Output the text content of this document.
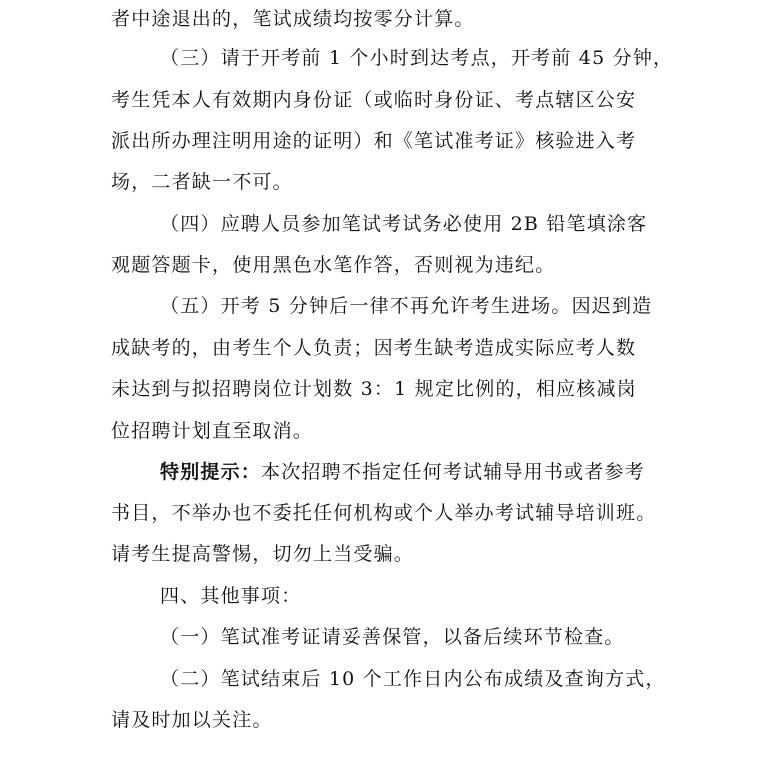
者中途退出的，笔试成绩均按零分计算。
（三）请于开考前 1 个小时到达考点，开考前 45 分钟，
考生凭本人有效期内身份证（或临时身份证、考点辖区公安
派出所办理注明用途的证明）和《笔试准考证》核验进入考
场，二者缺一不可。
（四）应聘人员参加笔试考试务必使用 2B 铅笔填涂客
观题答题卡，使用黑色水笔作答，否则视为违纪。
（五）开考 5 分钟后一律不再允许考生进场。因迟到造
成缺考的，由考生个人负责；因考生缺考造成实际应考人数
未达到与拟招聘岗位计划数 3：1 规定比例的，相应核减岗
位招聘计划直至取消。
特别提示：本次招聘不指定任何考试辅导用书或者参考
书目，不举办也不委托任何机构或个人举办考试辅导培训班。
请考生提高警惕，切勿上当受骗。
四、其他事项：
（一）笔试准考证请妥善保管，以备后续环节检查。
（二）笔试结束后 10 个工作日内公布成绩及查询方式，
请及时加以关注。
